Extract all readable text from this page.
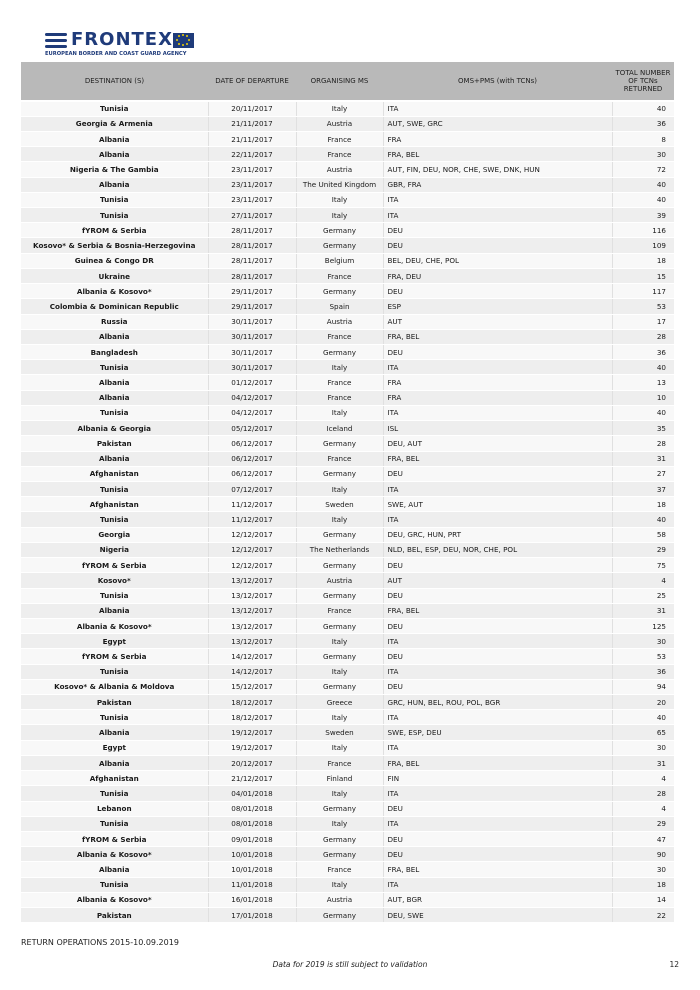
FRONTEX
EUROPEAN BORDER AND COAST GUARD AGENCY
DESTINATION (S)	DATE OF DEPARTURE	ORGANISING MS	OMS+PMS (with TCNs)	TOTAL NUMBER OF TCNs RETURNED
Tunisia	20/11/2017	Italy	ITA	40
Georgia & Armenia	21/11/2017	Austria	AUT, SWE, GRC	36
Albania	21/11/2017	France	FRA	8
Albania	22/11/2017	France	FRA, BEL	30
Nigeria & The Gambia	23/11/2017	Austria	AUT, FIN, DEU, NOR, CHE, SWE, DNK, HUN	72
Albania	23/11/2017	The United Kingdom	GBR, FRA	40
Tunisia	23/11/2017	Italy	ITA	40
Tunisia	27/11/2017	Italy	ITA	39
fYROM & Serbia	28/11/2017	Germany	DEU	116
Kosovo* & Serbia & Bosnia-Herzegovina	28/11/2017	Germany	DEU	109
Guinea & Congo DR	28/11/2017	Belgium	BEL, DEU, CHE, POL	18
Ukraine	28/11/2017	France	FRA, DEU	15
Albania & Kosovo*	29/11/2017	Germany	DEU	117
Colombia & Dominican Republic	29/11/2017	Spain	ESP	53
Russia	30/11/2017	Austria	AUT	17
Albania	30/11/2017	France	FRA, BEL	28
Bangladesh	30/11/2017	Germany	DEU	36
Tunisia	30/11/2017	Italy	ITA	40
Albania	01/12/2017	France	FRA	13
Albania	04/12/2017	France	FRA	10
Tunisia	04/12/2017	Italy	ITA	40
Albania & Georgia	05/12/2017	Iceland	ISL	35
Pakistan	06/12/2017	Germany	DEU, AUT	28
Albania	06/12/2017	France	FRA, BEL	31
Afghanistan	06/12/2017	Germany	DEU	27
Tunisia	07/12/2017	Italy	ITA	37
Afghanistan	11/12/2017	Sweden	SWE, AUT	18
Tunisia	11/12/2017	Italy	ITA	40
Georgia	12/12/2017	Germany	DEU, GRC, HUN, PRT	58
Nigeria	12/12/2017	The Netherlands	NLD, BEL, ESP, DEU, NOR, CHE, POL	29
fYROM & Serbia	12/12/2017	Germany	DEU	75
Kosovo*	13/12/2017	Austria	AUT	4
Tunisia	13/12/2017	Germany	DEU	25
Albania	13/12/2017	France	FRA, BEL	31
Albania & Kosovo*	13/12/2017	Germany	DEU	125
Egypt	13/12/2017	Italy	ITA	30
fYROM & Serbia	14/12/2017	Germany	DEU	53
Tunisia	14/12/2017	Italy	ITA	36
Kosovo* & Albania & Moldova	15/12/2017	Germany	DEU	94
Pakistan	18/12/2017	Greece	GRC, HUN, BEL, ROU, POL, BGR	20
Tunisia	18/12/2017	Italy	ITA	40
Albania	19/12/2017	Sweden	SWE, ESP, DEU	65
Egypt	19/12/2017	Italy	ITA	30
Albania	20/12/2017	France	FRA, BEL	31
Afghanistan	21/12/2017	Finland	FIN	4
Tunisia	04/01/2018	Italy	ITA	28
Lebanon	08/01/2018	Germany	DEU	4
Tunisia	08/01/2018	Italy	ITA	29
fYROM & Serbia	09/01/2018	Germany	DEU	47
Albania & Kosovo*	10/01/2018	Germany	DEU	90
Albania	10/01/2018	France	FRA, BEL	30
Tunisia	11/01/2018	Italy	ITA	18
Albania & Kosovo*	16/01/2018	Austria	AUT, BGR	14
Pakistan	17/01/2018	Germany	DEU, SWE	22
RETURN OPERATIONS 2015-10.09.2019
Data for 2019 is still subject to validation	12
